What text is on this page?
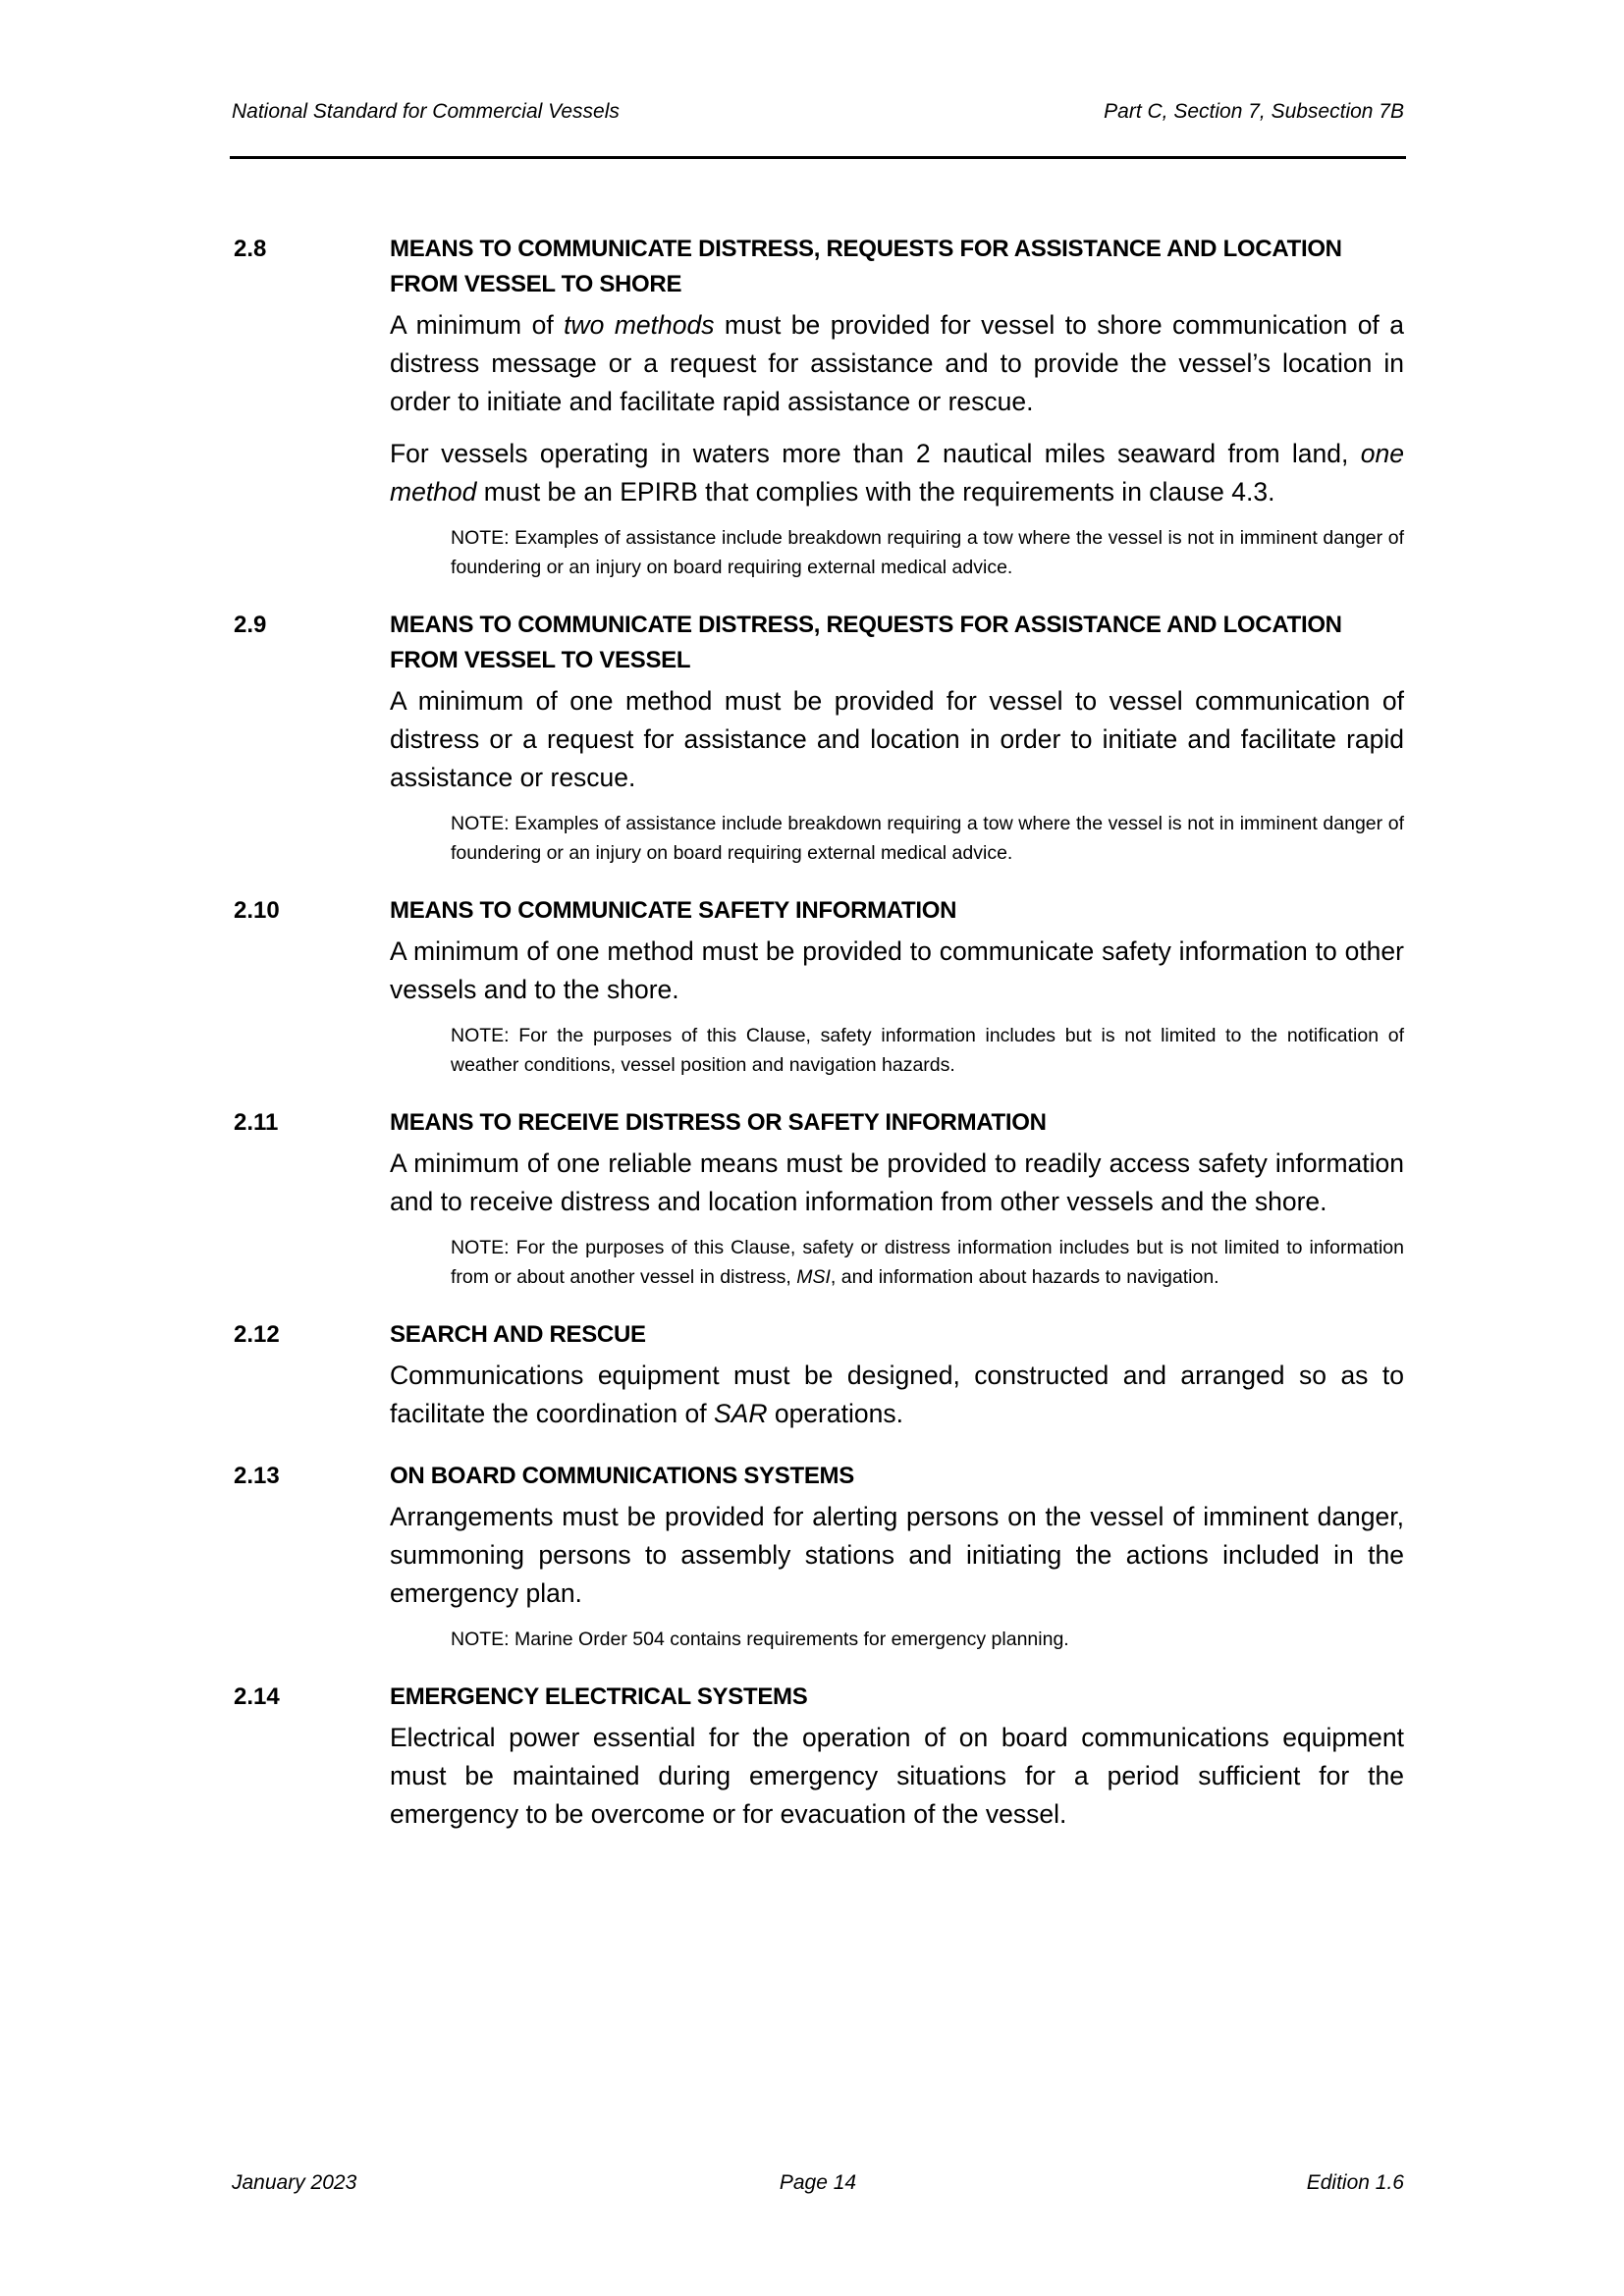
National Standard for Commercial Vessels	Part C, Section 7, Subsection 7B
2.8	MEANS TO COMMUNICATE DISTRESS, REQUESTS FOR ASSISTANCE AND LOCATION FROM VESSEL TO SHORE

A minimum of two methods must be provided for vessel to shore communication of a distress message or a request for assistance and to provide the vessel’s location in order to initiate and facilitate rapid assistance or rescue.

For vessels operating in waters more than 2 nautical miles seaward from land, one method must be an EPIRB that complies with the requirements in clause 4.3.

NOTE: Examples of assistance include breakdown requiring a tow where the vessel is not in imminent danger of foundering or an injury on board requiring external medical advice.

2.9	MEANS TO COMMUNICATE DISTRESS, REQUESTS FOR ASSISTANCE AND LOCATION FROM VESSEL TO VESSEL

A minimum of one method must be provided for vessel to vessel communication of distress or a request for assistance and location in order to initiate and facilitate rapid assistance or rescue.

NOTE: Examples of assistance include breakdown requiring a tow where the vessel is not in imminent danger of foundering or an injury on board requiring external medical advice.

2.10	MEANS TO COMMUNICATE SAFETY INFORMATION

A minimum of one method must be provided to communicate safety information to other vessels and to the shore.

NOTE: For the purposes of this Clause, safety information includes but is not limited to the notification of weather conditions, vessel position and navigation hazards.

2.11	MEANS TO RECEIVE DISTRESS OR SAFETY INFORMATION

A minimum of one reliable means must be provided to readily access safety information and to receive distress and location information from other vessels and the shore.

NOTE: For the purposes of this Clause, safety or distress information includes but is not limited to information from or about another vessel in distress, MSI, and information about hazards to navigation.

2.12	SEARCH AND RESCUE

Communications equipment must be designed, constructed and arranged so as to facilitate the coordination of SAR operations.

2.13	ON BOARD COMMUNICATIONS SYSTEMS

Arrangements must be provided for alerting persons on the vessel of imminent danger, summoning persons to assembly stations and initiating the actions included in the emergency plan.

NOTE: Marine Order 504 contains requirements for emergency planning.

2.14	EMERGENCY ELECTRICAL SYSTEMS

Electrical power essential for the operation of on board communications equipment must be maintained during emergency situations for a period sufficient for the emergency to be overcome or for evacuation of the vessel.

January 2023	Page 14	Edition 1.6
